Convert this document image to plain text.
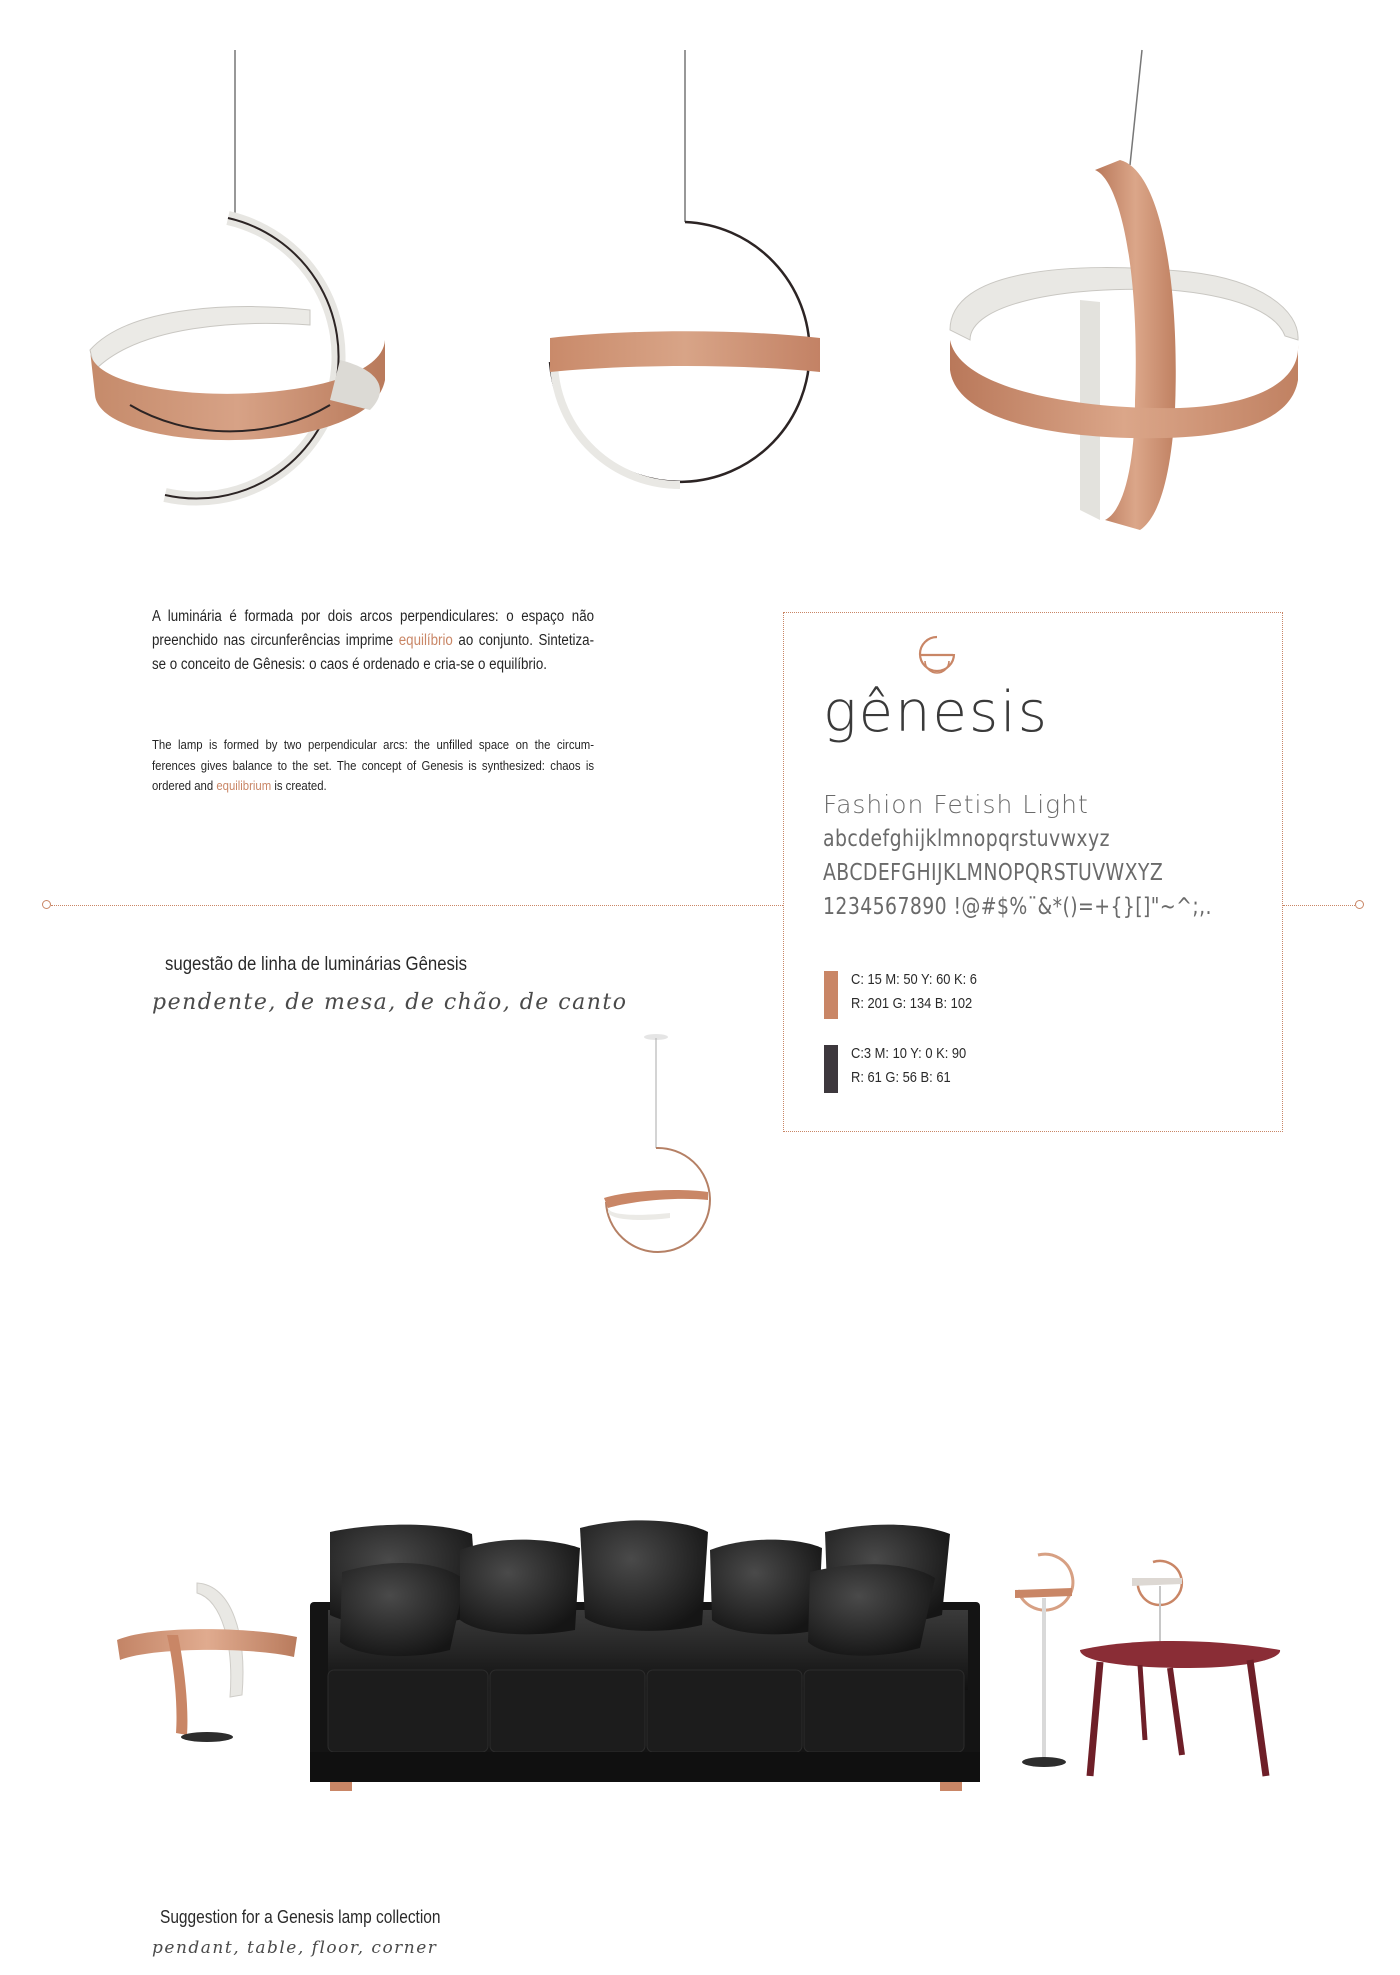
A luminária é formada por dois arcos perpendiculares: o espaço não preenchido nas circunferências imprime equilíbrio ao conjunto. Sintetiza-se o conceito de Gênesis: o caos é ordenado e cria-se o equilíbrio.
The lamp is formed by two perpendicular arcs: the unfilled space on the circum-ferences gives balance to the set. The concept of Genesis is synthesized: chaos is ordered and equilibrium is created.
gênesis
Fashion Fetish Light
abcdefghijklmnopqrstuvwxyz
ABCDEFGHIJKLMNOPQRSTUVWXYZ
1234567890 !@#$%¨&*()=+{}[]"~^;,.
C: 15 M: 50 Y: 60 K: 6
R: 201 G: 134 B: 102
C:3 M: 10 Y: 0 K: 90
R: 61 G: 56 B: 61
sugestão de linha de luminárias Gênesis
pendente, de mesa, de chão, de canto
Suggestion for a Genesis lamp collection
pendant, table, floor, corner
